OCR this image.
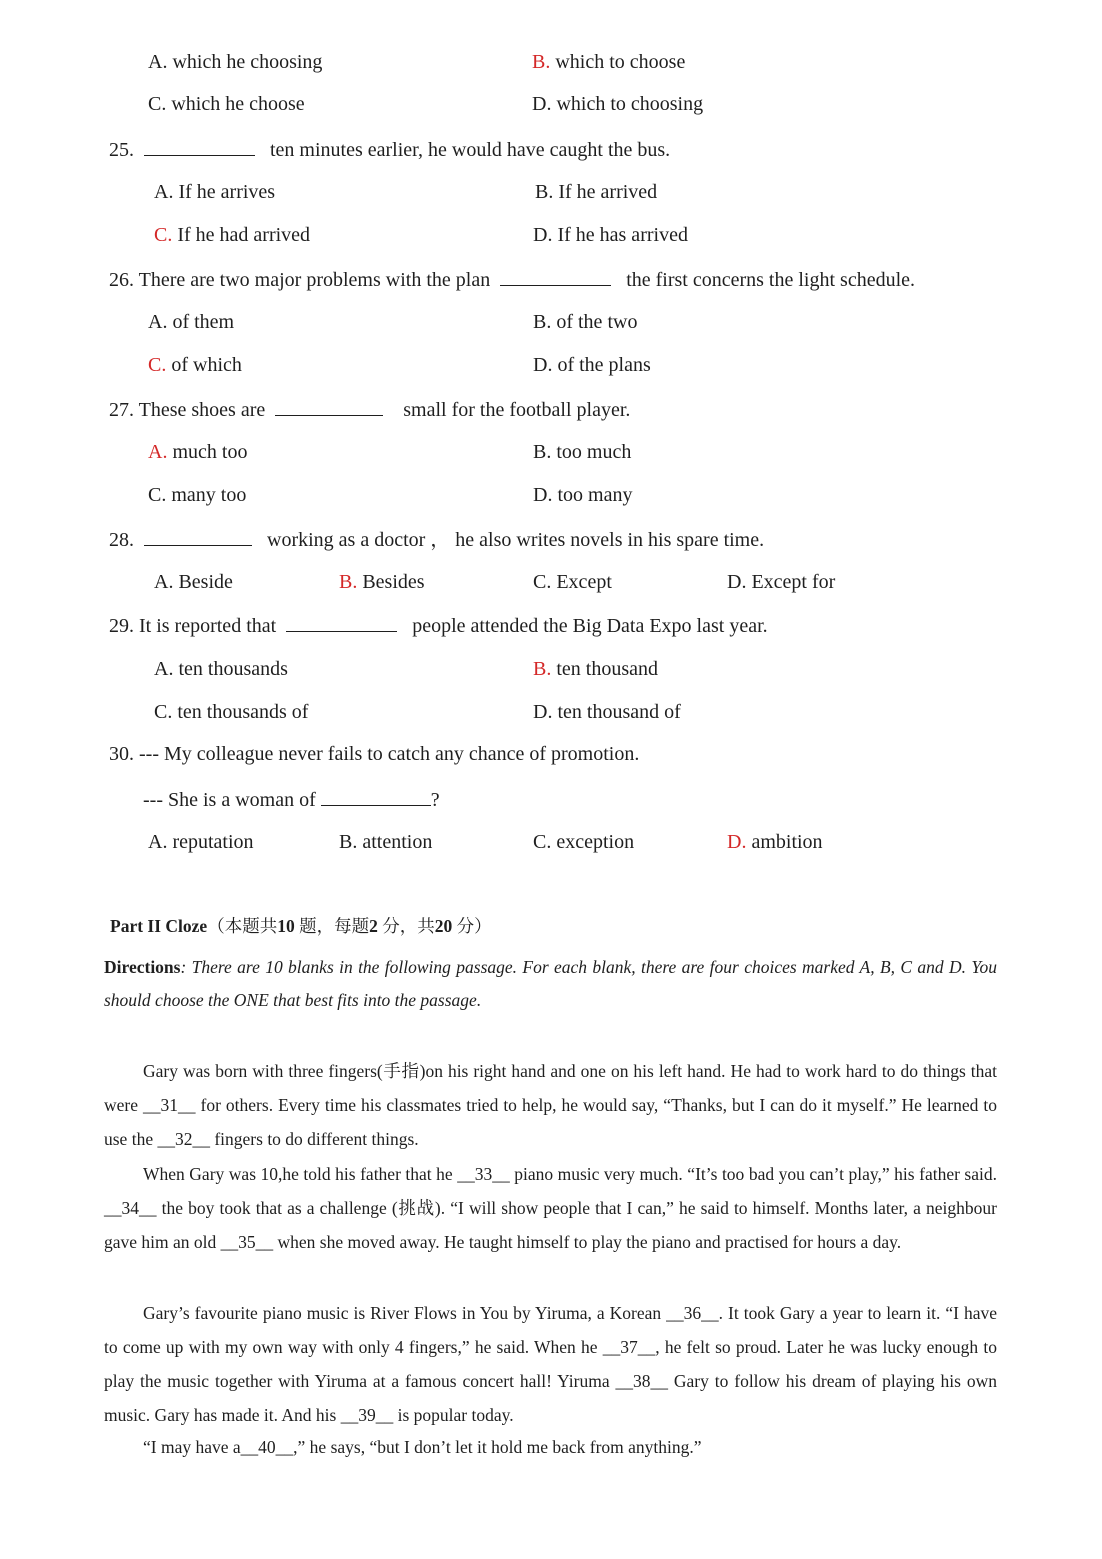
A. which he choosing	B. which to choose
C. which he choose	D. which to choosing
25.	ten minutes earlier, he would have caught the bus.
A. If he arrives	B. If he arrived
C. If he had arrived	D. If he has arrived
26. There are two major problems with the plan	the first concerns the light schedule.
A. of them	B. of the two
C. of which	D. of the plans
27. These shoes are	small for the football player.
A. much too	B. too much
C. many too	D. too many
28.	working as a doctor ， he also writes novels in his spare time.
A. Beside	B. Besides	C. Except	D. Except for
29. It is reported that	people attended the Big Data Expo last year.
A. ten thousands	B. ten thousand
C. ten thousands of	D. ten thousand of
30. --- My colleague never fails to catch any chance of promotion.
--- She is a woman of	?
A. reputation	B. attention	C. exception	D. ambition
Part II Cloze（本题共10 题，每题2 分，共20 分）
Directions: There are 10 blanks in the following passage. For each blank, there are four choices marked A, B, C and D. You should choose the ONE that best fits into the passage.
Gary was born with three fingers(手指)on his right hand and one on his left hand. He had to work hard to do things that were __31__ for others. Every time his classmates tried to help, he would say, “Thanks, but I can do it myself.” He learned to use the __32__ fingers to do different things.
When Gary was 10,he told his father that he __33__ piano music very much. “It’s too bad you can’t play,” his father said. __34__ the boy took that as a challenge (挑战). “I will show people that I can,” he said to himself. Months later, a neighbour gave him an old __35__ when she moved away. He taught himself to play the piano and practised for hours a day.
Gary’s favourite piano music is River Flows in You by Yiruma, a Korean __36__. It took Gary a year to learn it. “I have to come up with my own way with only 4 fingers,” he said. When he __37__, he felt so proud. Later he was lucky enough to play the music together with Yiruma at a famous concert hall! Yiruma __38__ Gary to follow his dream of playing his own music. Gary has made it. And his __39__ is popular today.
“I may have a__40__,” he says, “but I don’t let it hold me back from anything.”
